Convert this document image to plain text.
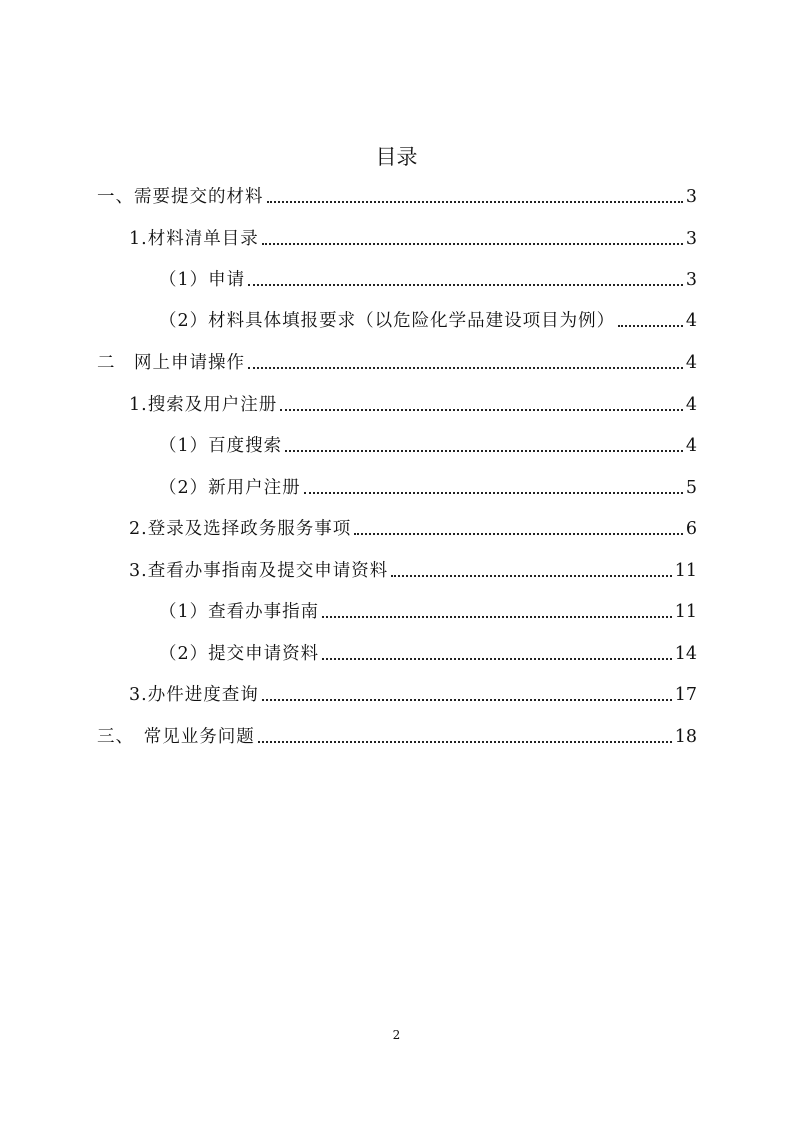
目录
一、需要提交的材料	3
1.材料清单目录	3
（1）申请	3
（2）材料具体填报要求（以危险化学品建设项目为例）	4
二　网上申请操作	4
1.搜索及用户注册	4
（1）百度搜索	4
（2）新用户注册	5
2.登录及选择政务服务事项	6
3.查看办事指南及提交申请资料	11
（1）查看办事指南	11
（2）提交申请资料	14
3.办件进度查询	17
三、　常见业务问题	18
2
